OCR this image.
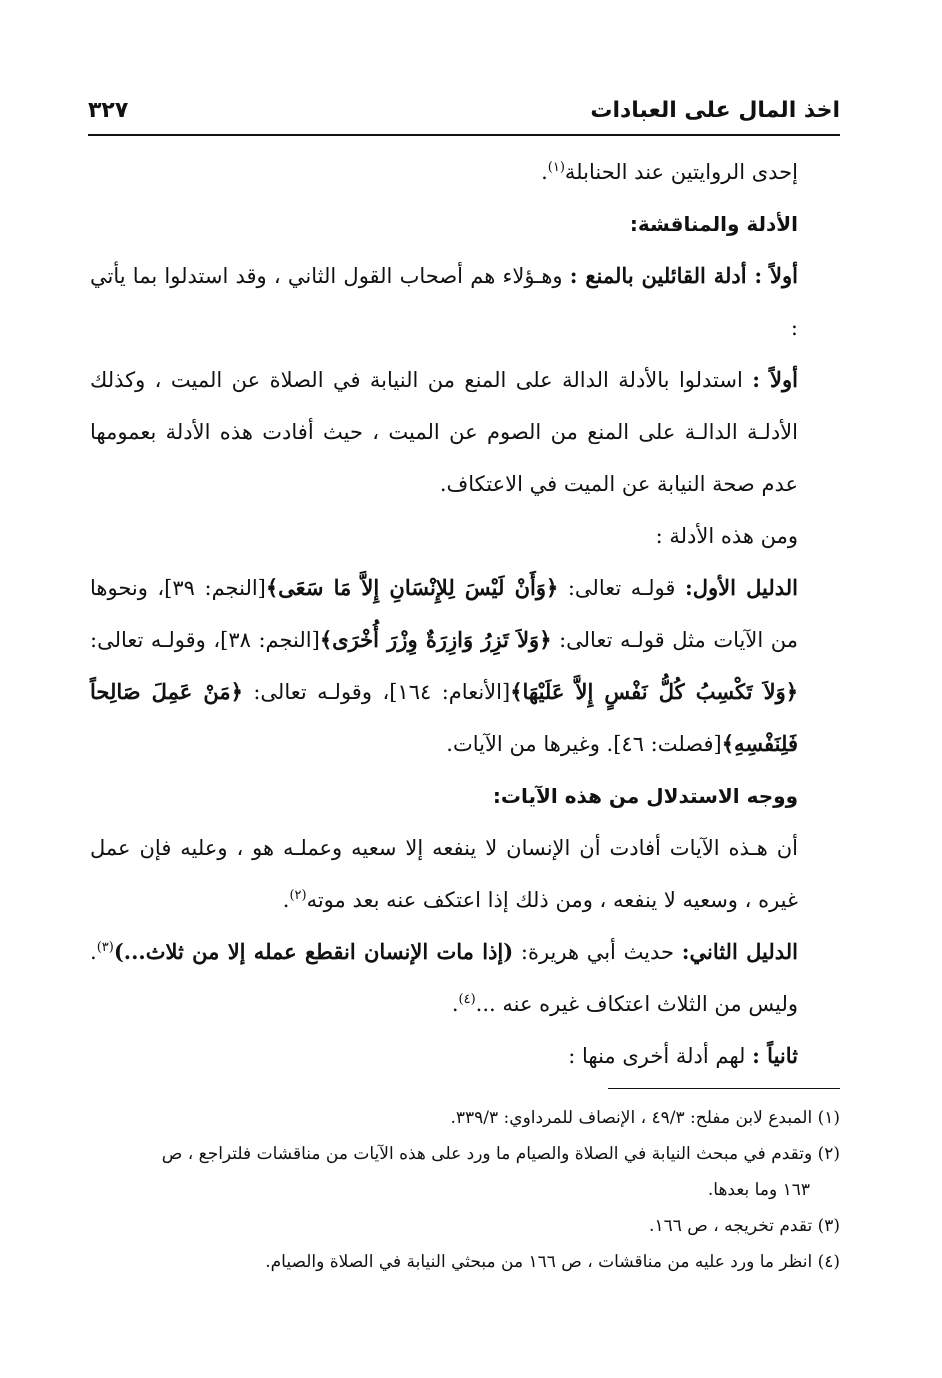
اخذ المال على العبادات
٣٢٧

إحدى الروايتين عند الحنابلة$^{(١)}$.

الأدلة والمناقشة:

أولاً : أدلة القائلين بالمنع : وهـؤلاء هم أصحاب القول الثاني ، وقد استدلوا بما يأتي :

أولاً : استدلوا بالأدلة الدالة على المنع من النيابة في الصلاة عن الميت ، وكذلك الأدلـة الدالـة على المنع من الصوم عن الميت ، حيث أفادت هذه الأدلة بعمومها عدم صحة النيابة عن الميت في الاعتكاف.

ومن هذه الأدلة :

الدليل الأول: قولـه تعالى: ﴿وَأَنْ لَيْسَ لِلإِنْسَانِ إِلاَّ مَا سَعَى﴾[النجم: ٣٩]، ونحوها من الآيات مثل قولـه تعالى: ﴿وَلاَ تَزِرُ وَازِرَةٌ وِزْرَ أُخْرَى﴾[النجم: ٣٨]، وقولـه تعالى: ﴿وَلاَ تَكْسِبُ كُلُّ نَفْسٍ إِلاَّ عَلَيْهَا﴾[الأنعام: ١٦٤]، وقولـه تعالى: ﴿مَنْ عَمِلَ صَالِحاً فَلِنَفْسِهِ﴾[فصلت: ٤٦]. وغيرها من الآيات.

ووجه الاستدلال من هذه الآيات:

أن هـذه الآيات أفادت أن الإنسان لا ينفعه إلا سعيه وعملـه هو ، وعليه فإن عمل غيره ، وسعيه لا ينفعه ، ومن ذلك إذا اعتكف عنه بعد موته$^{(٢)}$.

الدليل الثاني: حديث أبي هريرة: (إذا مات الإنسان انقطع عمله إلا من ثلاث...)$^{(٣)}$. وليس من الثلاث اعتكاف غيره عنه ...$^{(٤)}$.

ثانياً : لهم أدلة أخرى منها :

(١) المبدع لابن مفلح: ٤٩/٣ ، الإنصاف للمرداوي: ٣٣٩/٣.

(٢) وتقدم في مبحث النيابة في الصلاة والصيام ما ورد على هذه الآيات من مناقشات فلتراجع ، ص

١٦٣ وما بعدها.

(٣) تقدم تخريجه ، ص ١٦٦.

(٤) انظر ما ورد عليه من مناقشات ، ص ١٦٦ من مبحثي النيابة في الصلاة والصيام.
